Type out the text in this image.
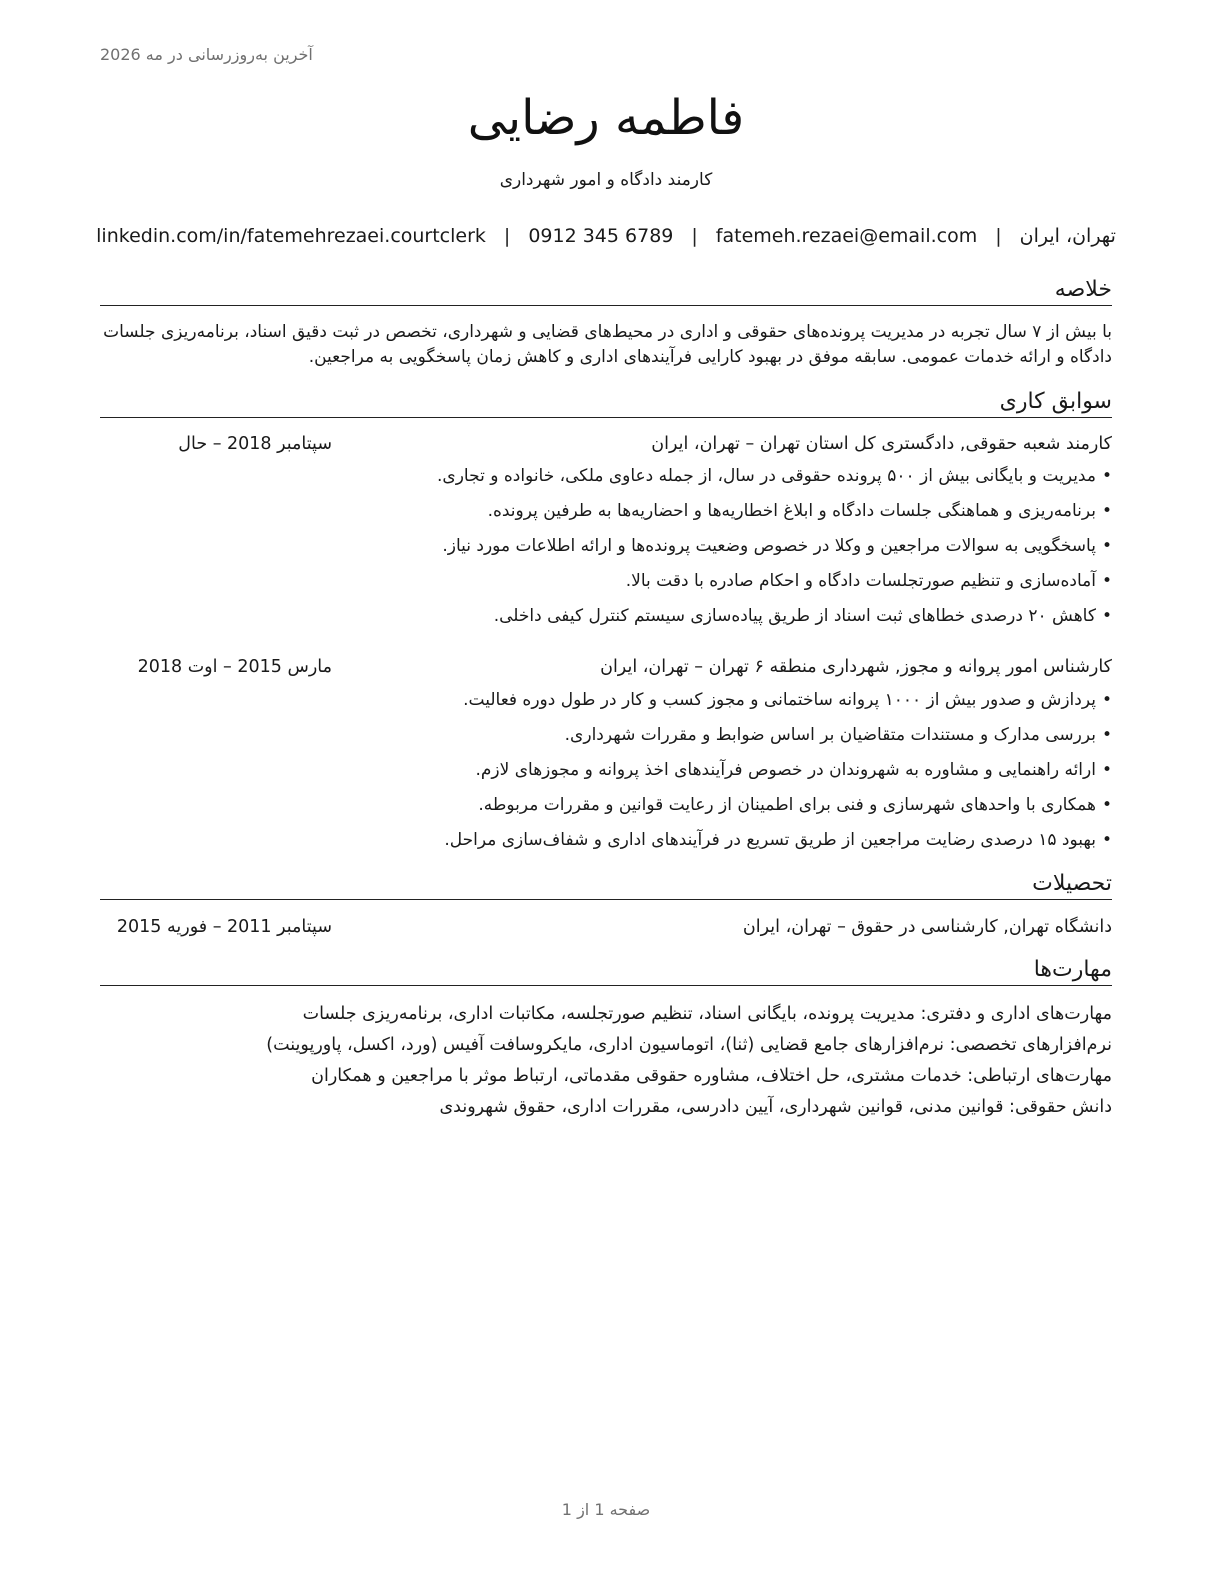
آخرین به‌روزرسانی در مه 2026
فاطمه رضایی
کارمند دادگاه و امور شهرداری
تهران، ایران
|
fatemeh.rezaei@email.com
|
0912 345 6789
|
linkedin.com/in/fatemehrezaei.courtclerk
خلاصه
با بیش از ۷ سال تجربه در مدیریت پرونده‌های حقوقی و اداری در محیط‌های قضایی و شهرداری، تخصص در ثبت دقیق اسناد، برنامه‌ریزی جلسات دادگاه و ارائه خدمات عمومی. سابقه موفق در بهبود کارایی فرآیندهای اداری و کاهش زمان پاسخگویی به مراجعین.
سوابق کاری
کارمند شعبه حقوقی, دادگستری کل استان تهران – تهران، ایران
سپتامبر 2018 – حال
• مدیریت و بایگانی بیش از ۵۰۰ پرونده حقوقی در سال، از جمله دعاوی ملکی، خانواده و تجاری.
• برنامه‌ریزی و هماهنگی جلسات دادگاه و ابلاغ اخطاریه‌ها و احضاریه‌ها به طرفین پرونده.
• پاسخگویی به سوالات مراجعین و وکلا در خصوص وضعیت پرونده‌ها و ارائه اطلاعات مورد نیاز.
• آماده‌سازی و تنظیم صورتجلسات دادگاه و احکام صادره با دقت بالا.
• کاهش ۲۰ درصدی خطاهای ثبت اسناد از طریق پیاده‌سازی سیستم کنترل کیفی داخلی.
کارشناس امور پروانه و مجوز, شهرداری منطقه ۶ تهران – تهران، ایران
مارس 2015 – اوت 2018
• پردازش و صدور بیش از ۱۰۰۰ پروانه ساختمانی و مجوز کسب و کار در طول دوره فعالیت.
• بررسی مدارک و مستندات متقاضیان بر اساس ضوابط و مقررات شهرداری.
• ارائه راهنمایی و مشاوره به شهروندان در خصوص فرآیندهای اخذ پروانه و مجوزهای لازم.
• همکاری با واحدهای شهرسازی و فنی برای اطمینان از رعایت قوانین و مقررات مربوطه.
• بهبود ۱۵ درصدی رضایت مراجعین از طریق تسریع در فرآیندهای اداری و شفاف‌سازی مراحل.
تحصیلات
دانشگاه تهران, کارشناسی در حقوق – تهران، ایران
سپتامبر 2011 – فوریه 2015
مهارت‌ها
مهارت‌های اداری و دفتری: مدیریت پرونده، بایگانی اسناد، تنظیم صورتجلسه، مکاتبات اداری، برنامه‌ریزی جلسات
نرم‌افزارهای تخصصی: نرم‌افزارهای جامع قضایی (ثنا)، اتوماسیون اداری، مایکروسافت آفیس (ورد، اکسل، پاورپوینت)
مهارت‌های ارتباطی: خدمات مشتری، حل اختلاف، مشاوره حقوقی مقدماتی، ارتباط موثر با مراجعین و همکاران
دانش حقوقی: قوانین مدنی، قوانین شهرداری، آیین دادرسی، مقررات اداری، حقوق شهروندی
صفحه 1 از 1
